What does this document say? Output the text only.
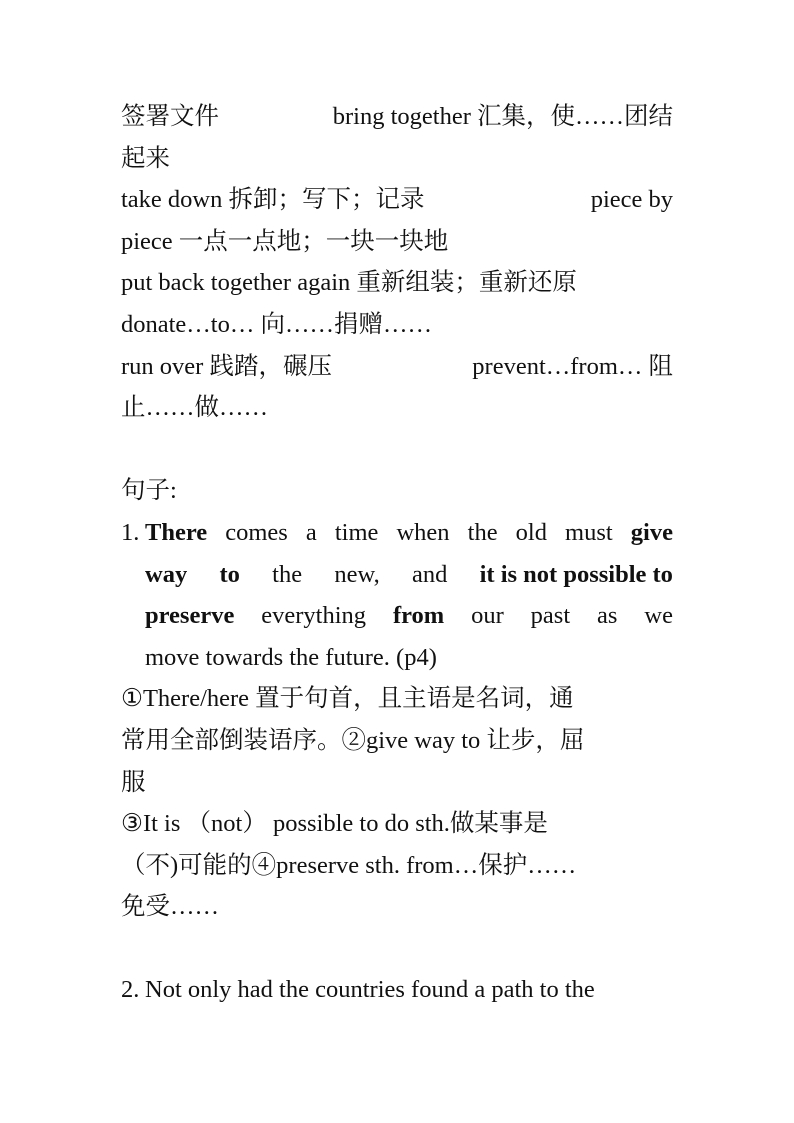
签署文件	bring together 汇集，使……团结
起来
take down 拆卸；写下；记录	piece by
piece 一点一点地；一块一块地
put back together again 重新组装；重新还原
donate…to… 向……捐赠……
run over 践踏，碾压	prevent…from… 阻
止……做……
句子:
1. There comes a time when the old must give
way to the new, and it is not possible to
preserve everything from our past as we
move towards the future. (p4)
①There/here 置于句首，且主语是名词，通
常用全部倒装语序。②give way to 让步，屈
服
③It is （not） possible to do sth.做某事是
（不)可能的④preserve sth. from…保护……
免受……
2. Not only had the countries found a path to the
